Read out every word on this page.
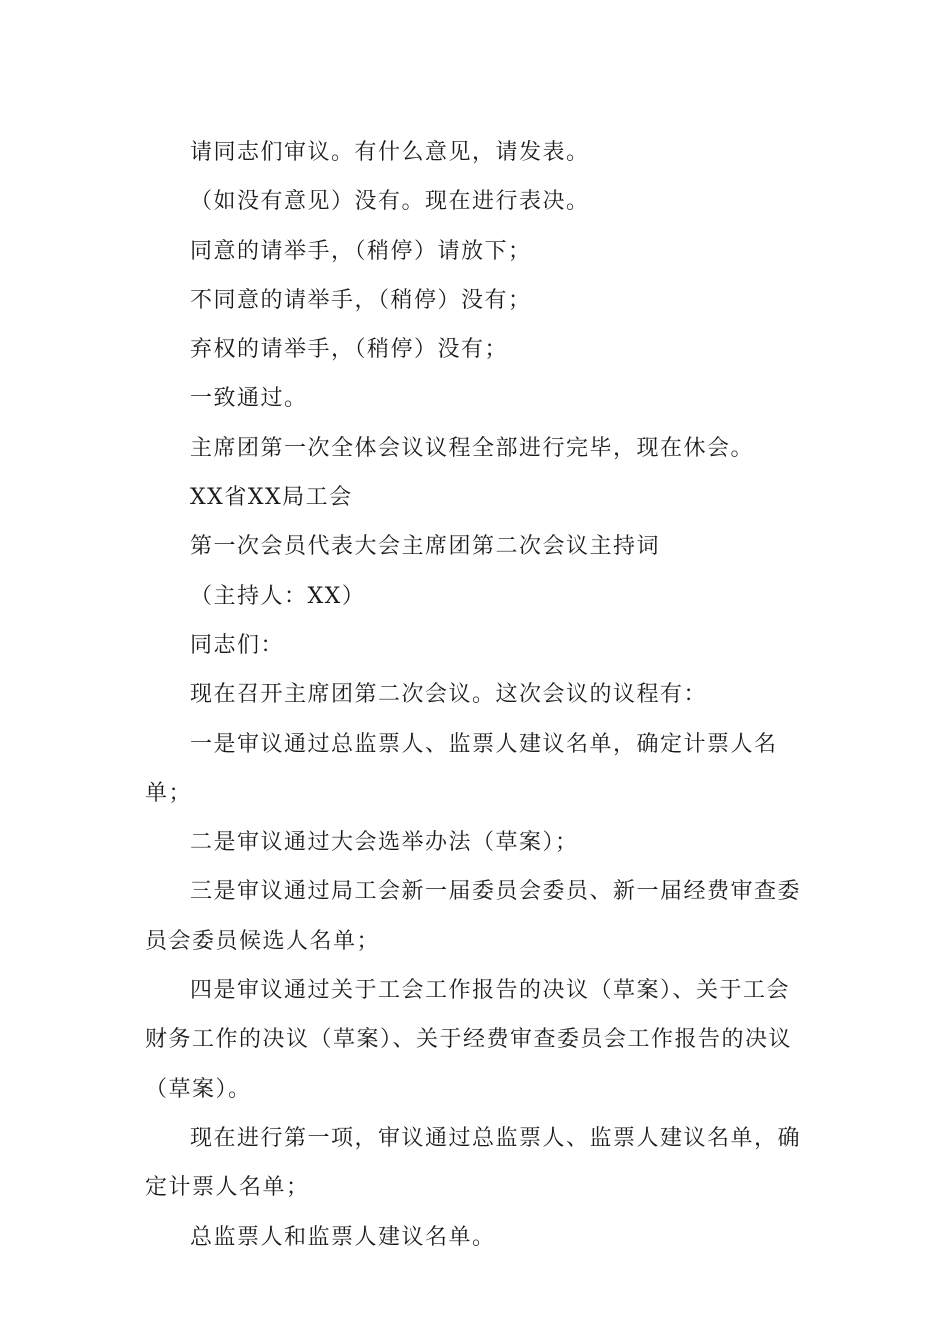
请同志们审议。有什么意见，请发表。

（如没有意见）没有。现在进行表决。

同意的请举手，（稍停）请放下；

不同意的请举手，（稍停）没有；

弃权的请举手，（稍停）没有；

一致通过。

主席团第一次全体会议议程全部进行完毕，现在休会。

XX省XX局工会

第一次会员代表大会主席团第二次会议主持词

（主持人：XX）

同志们：

现在召开主席团第二次会议。这次会议的议程有：

一是审议通过总监票人、监票人建议名单，确定计票人名单；

二是审议通过大会选举办法（草案）；

三是审议通过局工会新一届委员会委员、新一届经费审查委员会委员候选人名单；

四是审议通过关于工会工作报告的决议（草案）、关于工会财务工作的决议（草案）、关于经费审查委员会工作报告的决议（草案）。

现在进行第一项，审议通过总监票人、监票人建议名单，确定计票人名单；

总监票人和监票人建议名单。
